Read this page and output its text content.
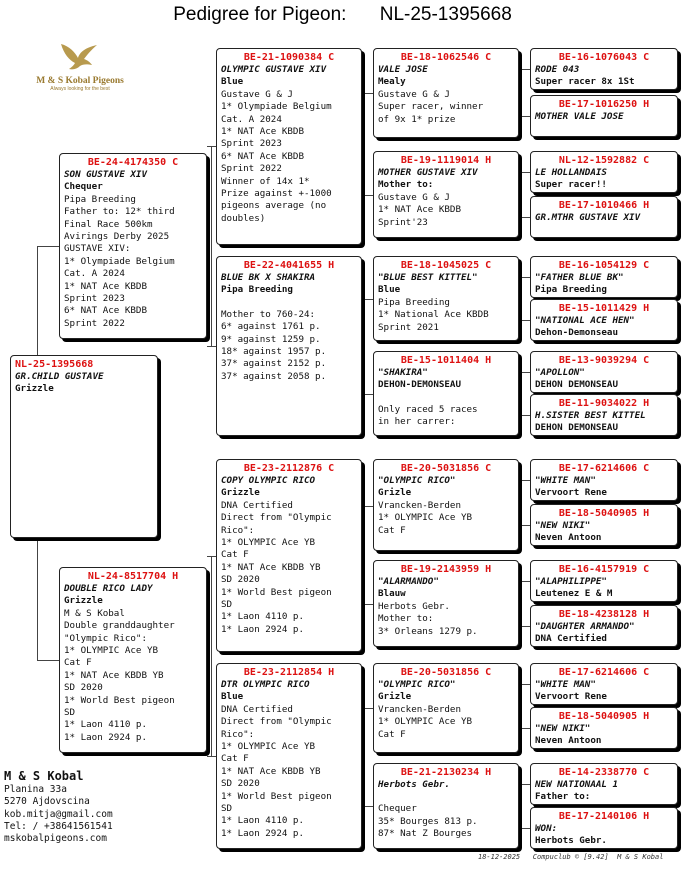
Pedigree for Pigeon: NL-25-1395668
M & S Kobal Pigeons
Always looking for the best
NL-25-1395668
GR.CHILD GUSTAVE
Grizzle
BE-24-4174350 C
SON GUSTAVE XIV
Chequer
Pipa Breeding
Father to: 12* third
Final Race 500km
Avirings Derby 2025
GUSTAVE XIV:
1* Olympiade Belgium
Cat. A 2024
1* NAT Ace KBDB
Sprint 2023
6* NAT Ace KBDB
Sprint 2022
NL-24-8517704 H
DOUBLE RICO LADY
Grizzle
M & S Kobal
Double granddaughter
"Olympic Rico":
1* OLYMPIC Ace YB
Cat F
1* NAT Ace KBDB YB
SD 2020
1* World Best pigeon
SD
1* Laon 4110 p.
1* Laon 2924 p.
BE-21-1090384 C
OLYMPIC GUSTAVE XIV
Blue
Gustave G & J
1* Olympiade Belgium
Cat. A 2024
1* NAT Ace KBDB
Sprint 2023
6* NAT Ace KBDB
Sprint 2022
Winner of 14x 1*
Prize against +-1000
pigeons average (no
doubles)
BE-22-4041655 H
BLUE BK X SHAKIRA
Pipa Breeding
Mother to 760-24:
6* against 1761 p.
9* against 1259 p.
18* against 1957 p.
37* against 2152 p.
37* against 2058 p.
BE-23-2112876 C
COPY OLYMPIC RICO
Grizzle
DNA Certified
Direct from "Olympic
Rico":
1* OLYMPIC Ace YB
Cat F
1* NAT Ace KBDB YB
SD 2020
1* World Best pigeon
SD
1* Laon 4110 p.
1* Laon 2924 p.
BE-23-2112854 H
DTR OLYMPIC RICO
Blue
DNA Certified
Direct from "Olympic
Rico":
1* OLYMPIC Ace YB
Cat F
1* NAT Ace KBDB YB
SD 2020
1* World Best pigeon
SD
1* Laon 4110 p.
1* Laon 2924 p.
BE-18-1062546 C
VALE JOSE
Mealy
Gustave G & J
Super racer, winner
of 9x 1* prize
BE-19-1119014 H
MOTHER GUSTAVE XIV
Mother to:
Gustave G & J
1* NAT Ace KBDB
Sprint'23
BE-18-1045025 C
"BLUE BEST KITTEL"
Blue
Pipa Breeding
1* National Ace KBDB
Sprint 2021
BE-15-1011404 H
"SHAKIRA"
DEHON-DEMONSEAU
Only raced 5 races
in her carrer:
BE-20-5031856 C
"OLYMPIC RICO"
Grizle
Vrancken-Berden
1* OLYMPIC Ace YB
Cat F
BE-19-2143959 H
"ALARMANDO"
Blauw
Herbots Gebr.
Mother to:
3* Orleans 1279 p.
BE-20-5031856 C
"OLYMPIC RICO"
Grizle
Vrancken-Berden
1* OLYMPIC Ace YB
Cat F
BE-21-2130234 H
Herbots Gebr.
Chequer
35* Bourges 813 p.
87* Nat Z Bourges
BE-16-1076043 C
RODE 043
Super racer 8x 1St
BE-17-1016250 H
MOTHER VALE JOSE
NL-12-1592882 C
LE HOLLANDAIS
Super racer!!
BE-17-1010466 H
GR.MTHR GUSTAVE XIV
BE-16-1054129 C
"FATHER BLUE BK"
Pipa Breeding
BE-15-1011429 H
"NATIONAL ACE HEN"
Dehon-Demonseau
BE-13-9039294 C
"APOLLON"
DEHON DEMONSEAU
BE-11-9034022 H
H.SISTER BEST KITTEL
DEHON DEMONSEAU
BE-17-6214606 C
"WHITE MAN"
Vervoort Rene
BE-18-5040905 H
"NEW NIKI"
Neven Antoon
BE-16-4157919 C
"ALAPHILIPPE"
Leutenez E & M
BE-18-4238128 H
"DAUGHTER ARMANDO"
DNA Certified
BE-17-6214606 C
"WHITE MAN"
Vervoort Rene
BE-18-5040905 H
"NEW NIKI"
Neven Antoon
BE-14-2338770 C
NEW NATIONAAL 1
Father to:
BE-17-2140106 H
WON:
Herbots Gebr.
M & S Kobal
Planina 33a
5270 Ajdovscina
kob.mitja@gmail.com
Tel: / +38641561541
mskobalpigeons.com
18-12-2025   Compuclub © [9.42]  M & S Kobal
